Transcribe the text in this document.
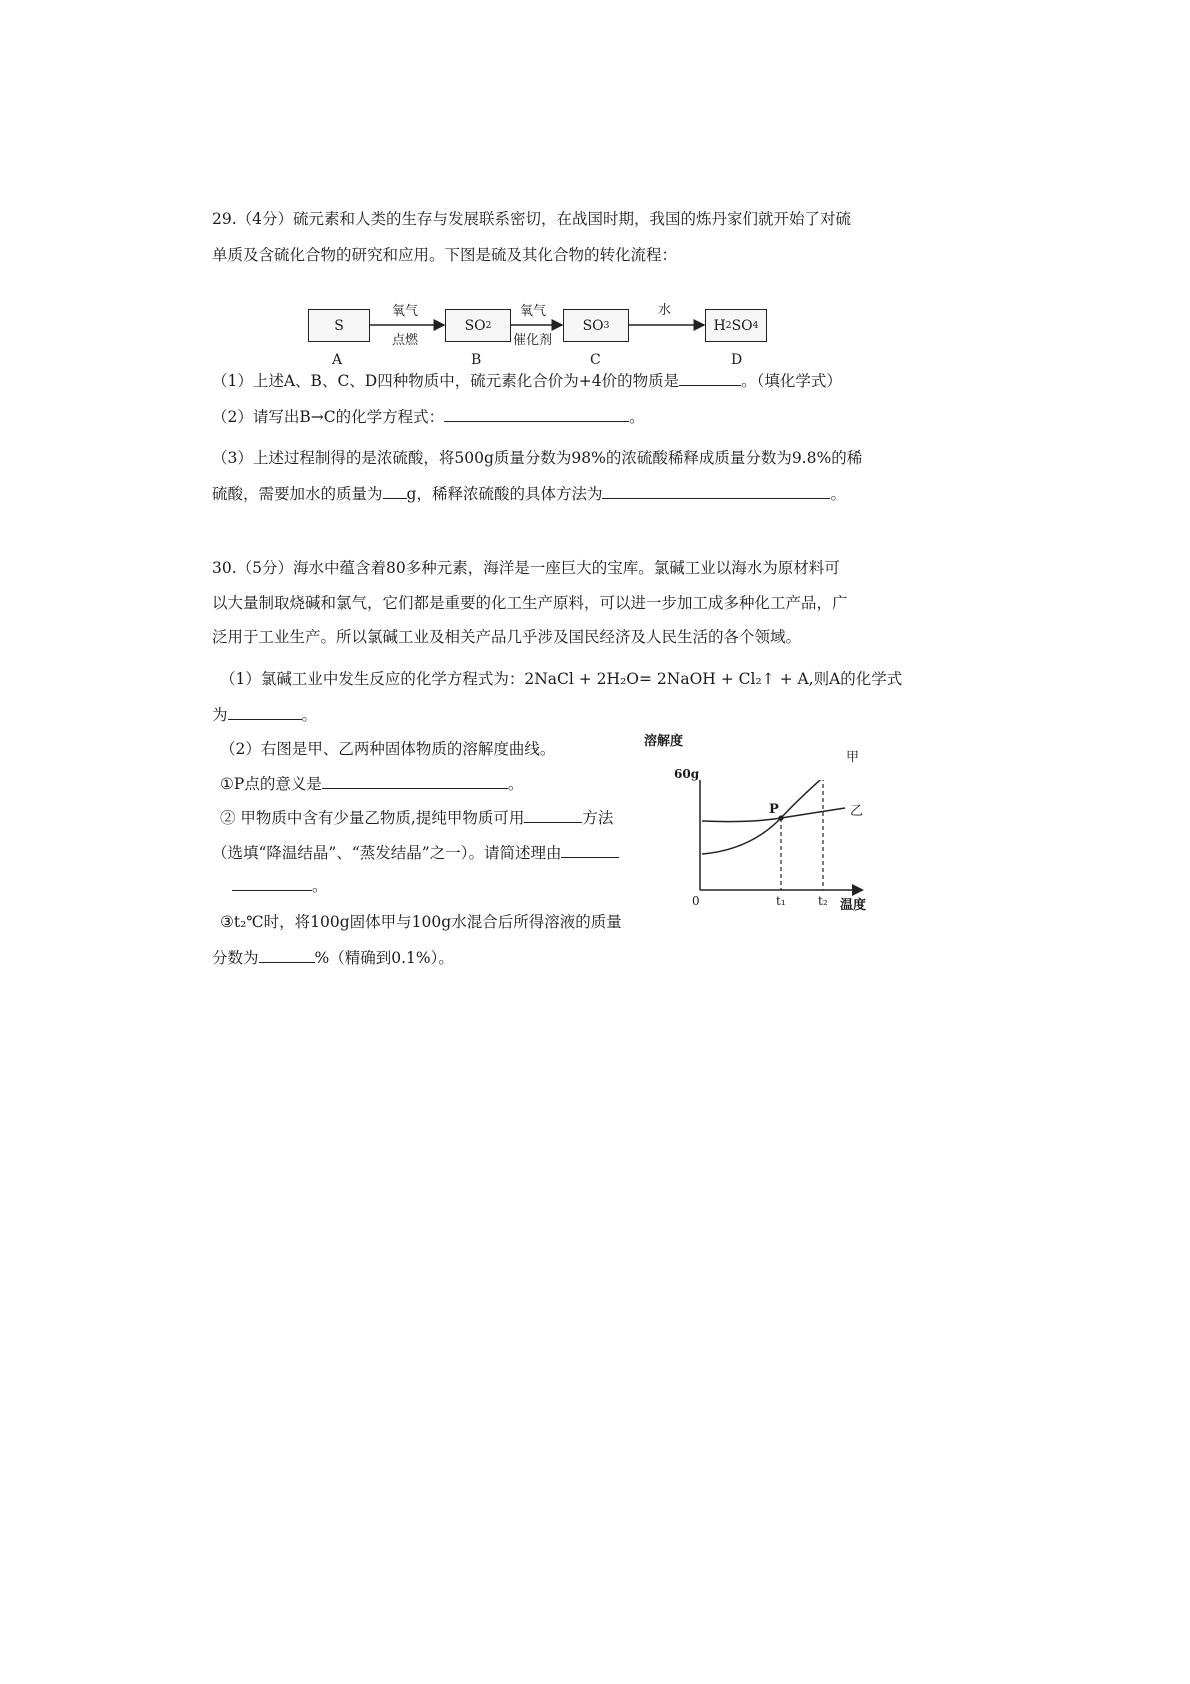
29.（4分）硫元素和人类的生存与发展联系密切，在战国时期，我国的炼丹家们就开始了对硫
单质及含硫化合物的研究和应用。下图是硫及其化合物的转化流程：
S
A
SO 2
B
SO 3
C
H 2 SO 4
D
氧气
点燃
氧气
催化剂
水
（1）上述A、B、C、D四种物质中，硫元素化合价为+4价的物质是	。（填化学式）
（2）请写出B→C的化学方程式：	。
（3）上述过程制得的是浓硫酸，将500g质量分数为98%的浓硫酸稀释成质量分数为9.8%的稀
硫酸，需要加水的质量为 g，稀释浓硫酸的具体方法为	。
30.（5分）海水中蕴含着80多种元素，海洋是一座巨大的宝库。氯碱工业以海水为原材料可
以大量制取烧碱和氯气，它们都是重要的化工生产原料，可以进一步加工成多种化工产品，广
泛用于工业生产。所以氯碱工业及相关产品几乎涉及国民经济及人民生活的各个领域。
（1）氯碱工业中发生反应的化学方程式为：2NaCl + 2H₂O= 2NaOH + Cl₂↑ + A,则A的化学式
为	。
（2）右图是甲、乙两种固体物质的溶解度曲线。
①P点的意义是	。
② 甲物质中含有少量乙物质,提纯甲物质可用	方法
（选填“降温结晶”、“蒸发结晶”之一）。请简述理由
。
③t₂℃时，将100g固体甲与100g水混合后所得溶液的质量
分数为	%（精确到0.1%）。
溶解度
60g
P
甲
乙
0	t₁	t₂ 温度
